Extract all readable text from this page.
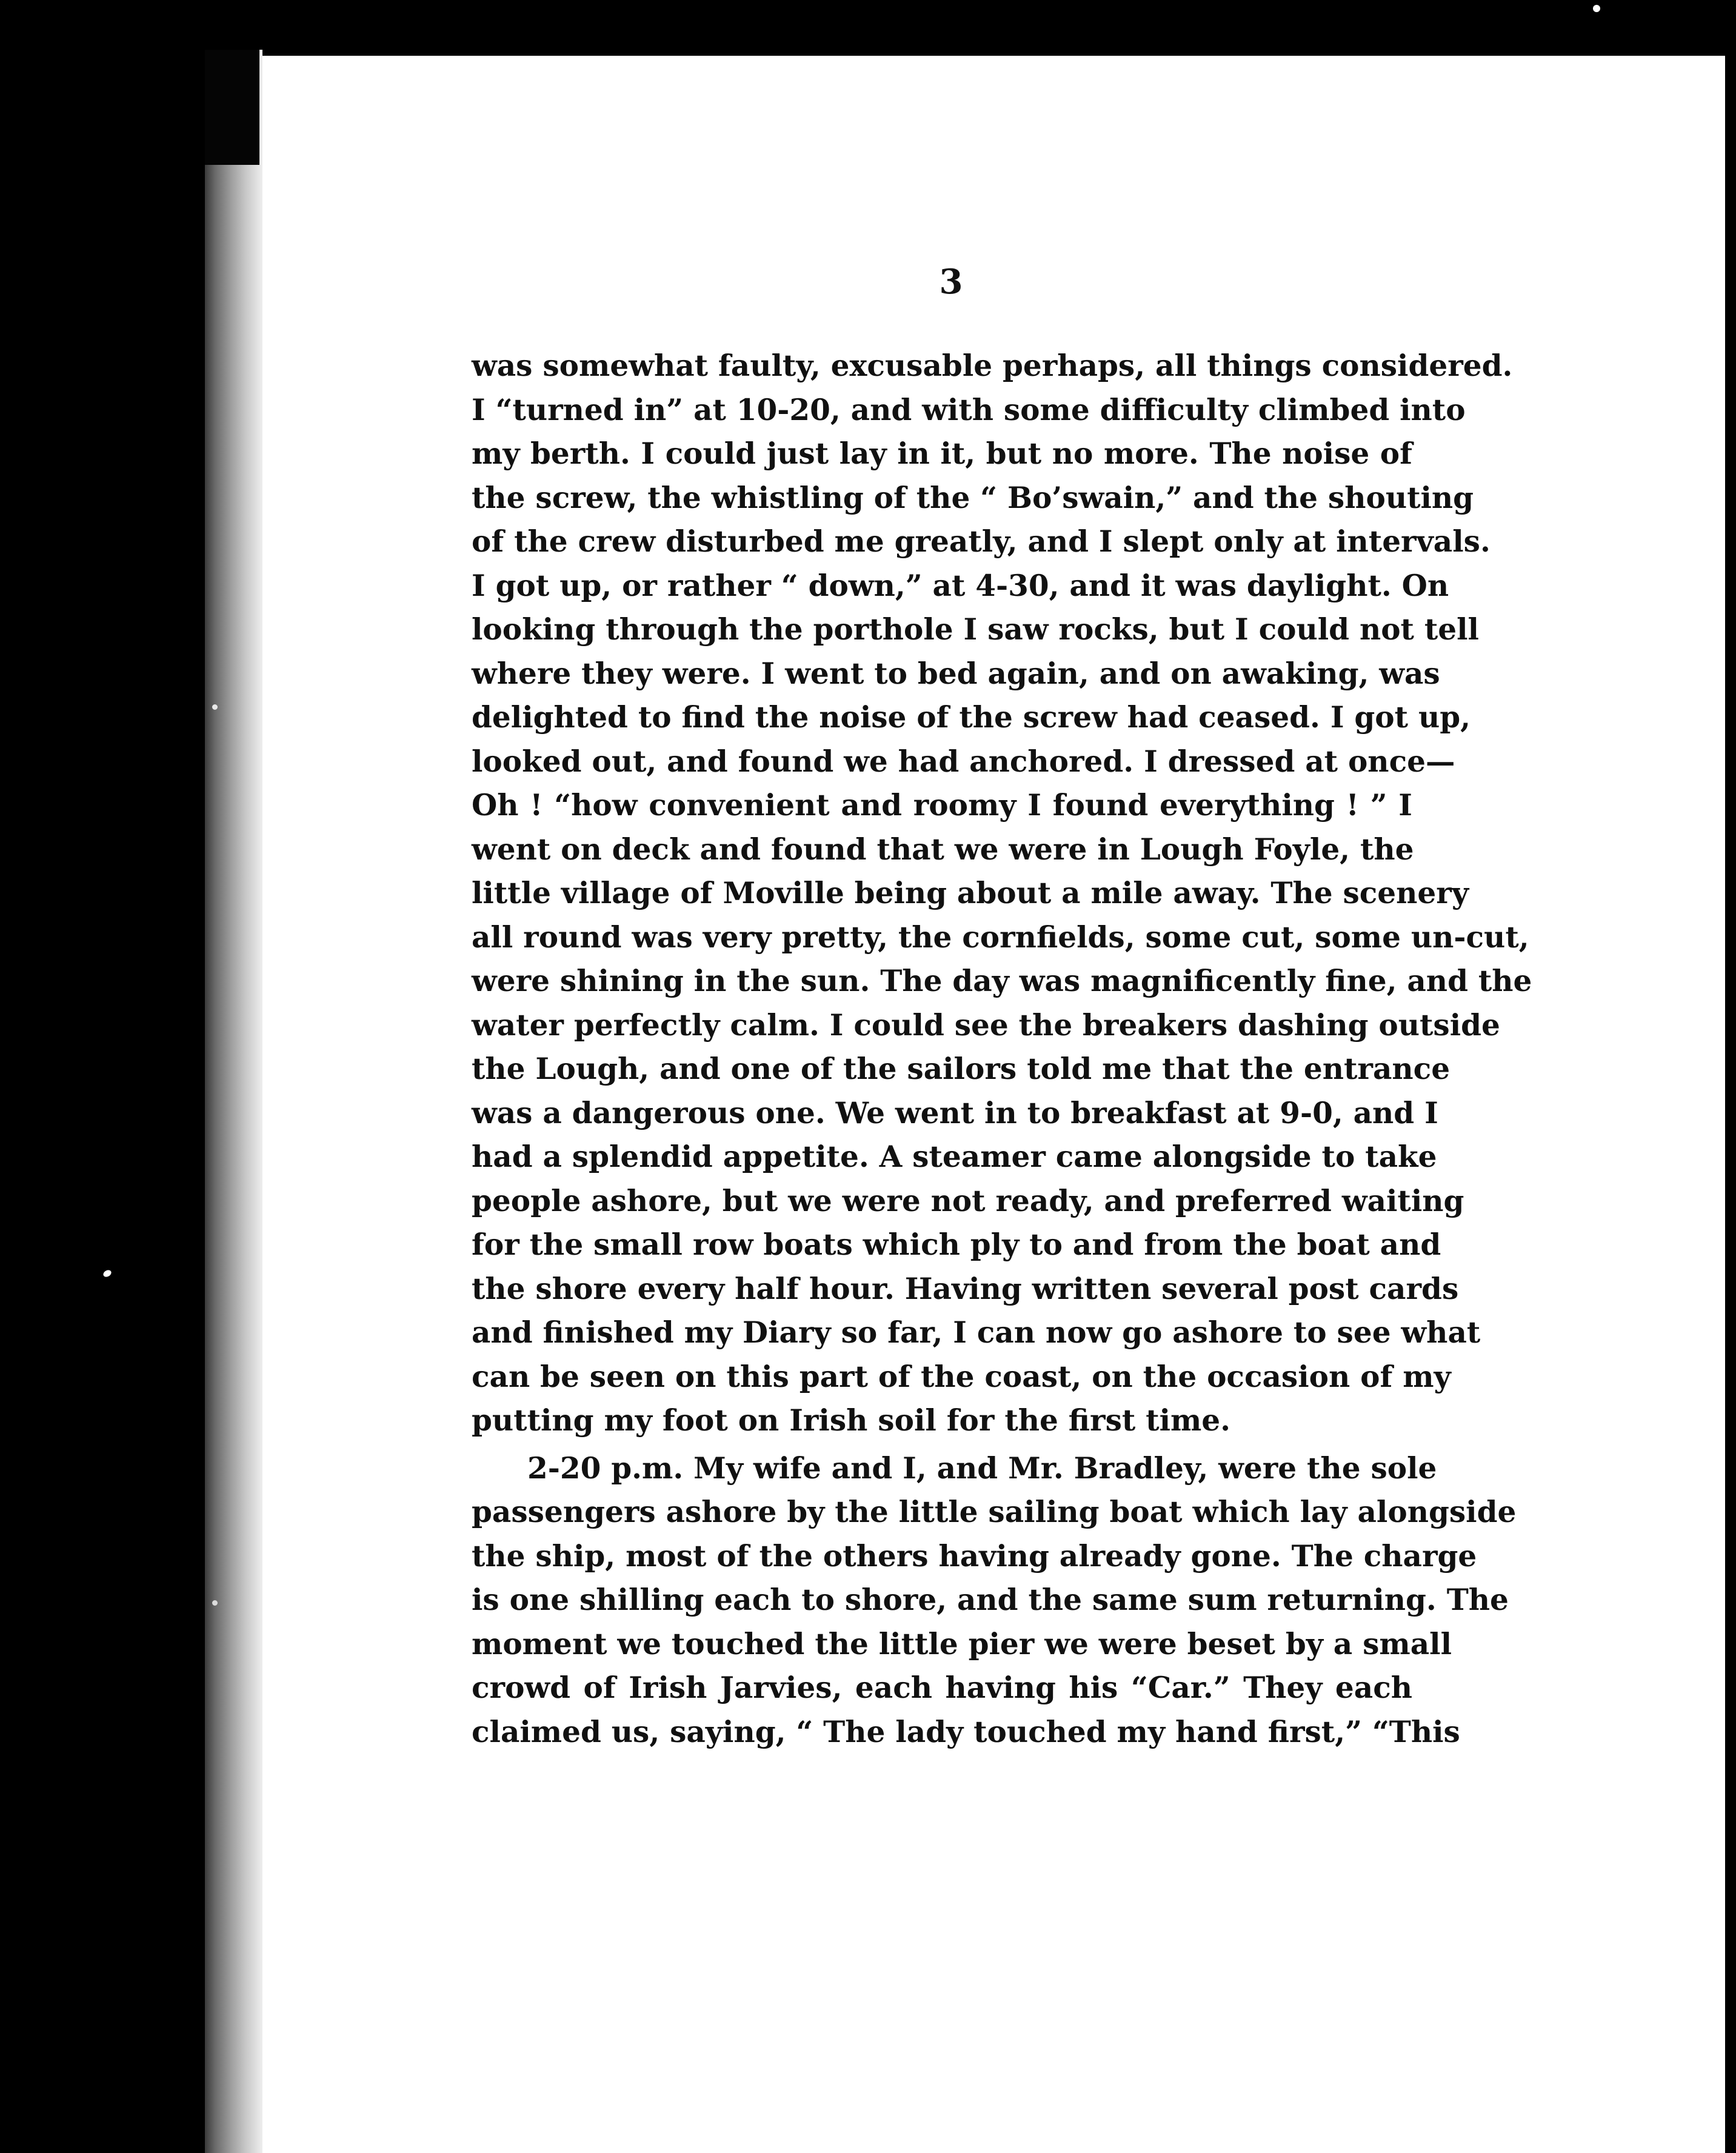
3

was somewhat faulty, excusable perhaps, all things considered.
I “turned in” at 10-20, and with some difficulty climbed into
my berth. I could just lay in it, but no more. The noise of
the screw, the whistling of the “ Bo’swain,” and the shouting
of the crew disturbed me greatly, and I slept only at intervals.
I got up, or rather “ down,” at 4-30, and it was daylight. On
looking through the porthole I saw rocks, but I could not tell
where they were. I went to bed again, and on awaking, was
delighted to find the noise of the screw had ceased. I got up,
looked out, and found we had anchored. I dressed at once—
Oh ! “how convenient and roomy I found everything ! ” I
went on deck and found that we were in Lough Foyle, the
little village of Moville being about a mile away. The scenery
all round was very pretty, the cornfields, some cut, some un-cut,
were shining in the sun. The day was magnificently fine, and the
water perfectly calm. I could see the breakers dashing outside
the Lough, and one of the sailors told me that the entrance
was a dangerous one. We went in to breakfast at 9-0, and I
had a splendid appetite. A steamer came alongside to take
people ashore, but we were not ready, and preferred waiting
for the small row boats which ply to and from the boat and
the shore every half hour. Having written several post cards
and finished my Diary so far, I can now go ashore to see what
can be seen on this part of the coast, on the occasion of my
putting my foot on Irish soil for the first time.
2-20 p.m. My wife and I, and Mr. Bradley, were the sole
passengers ashore by the little sailing boat which lay alongside
the ship, most of the others having already gone. The charge
is one shilling each to shore, and the same sum returning. The
moment we touched the little pier we were beset by a small
crowd of Irish Jarvies, each having his “Car.” They each
claimed us, saying, “ The lady touched my hand first,” “This
